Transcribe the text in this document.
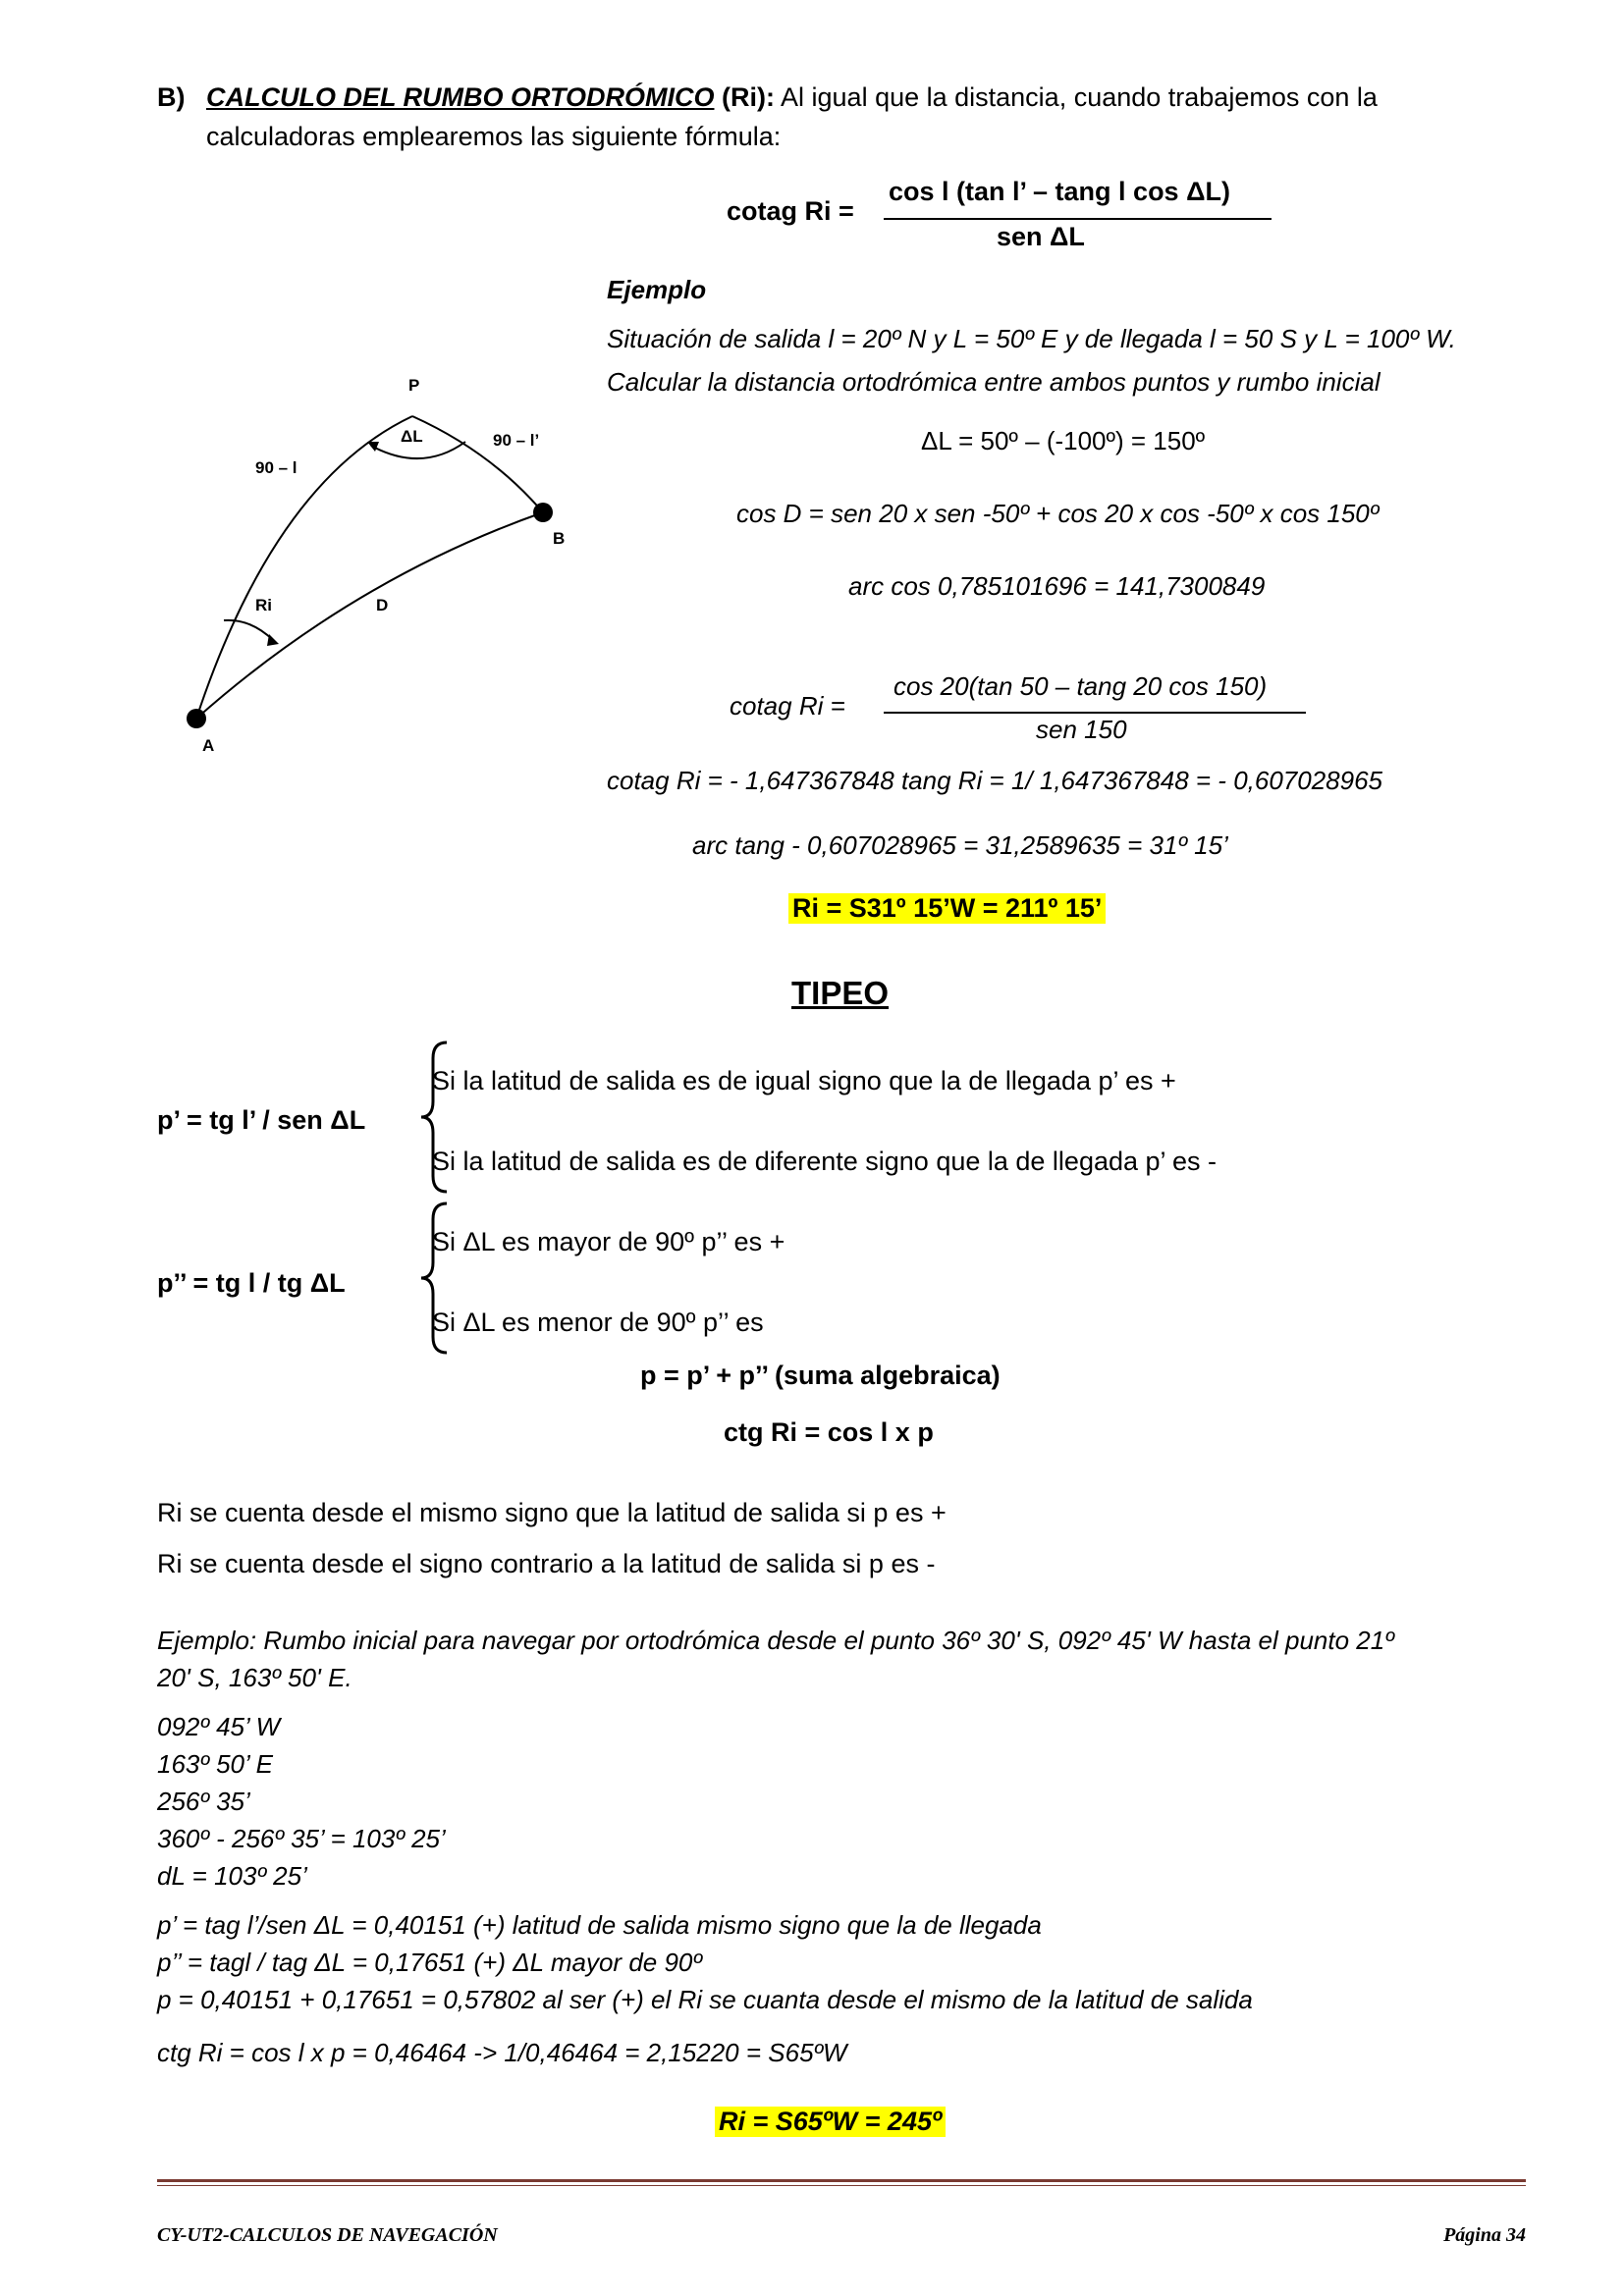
B) CALCULO DEL RUMBO ORTODRÓMICO (Ri): Al igual que la distancia, cuando trabajemos con la
calculadoras emplearemos las siguiente fórmula:
cotag Ri =
cos l (tan l’ – tang l cos ΔL)
sen ΔL
Ejemplo
Situación de salida l = 20º N y L = 50º E y de llegada l = 50 S y L = 100º W.
Calcular la distancia ortodrómica entre ambos puntos y rumbo inicial
ΔL = 50º – (-100º) = 150º
cos D = sen 20 x sen -50º + cos 20 x cos -50º x cos 150º
arc cos 0,785101696 = 141,7300849
cotag Ri =
cos 20(tan 50 – tang 20 cos 150)
sen 150
cotag Ri = - 1,647367848 tang Ri = 1/ 1,647367848 = - 0,607028965
arc tang - 0,607028965 = 31,2589635 = 31º 15’
Ri = S31º 15’W = 211º 15’
P
ΔL
90 – l
90 – l’
B
Ri	D
A
TIPEO
p’ = tg l’ / sen ΔL
Si la latitud de salida es de igual signo que la de llegada p’ es +
Si la latitud de salida es de diferente signo que la de llegada p’ es -
p’’ = tg l / tg ΔL
Si ΔL es mayor de 90º p’’ es +
Si ΔL es menor de 90º p’’ es
p = p’ + p’’ (suma algebraica)
ctg Ri = cos l x p
Ri se cuenta desde el mismo signo que la latitud de salida si p es +
Ri se cuenta desde el signo contrario a la latitud de salida si p es -
Ejemplo: Rumbo inicial para navegar por ortodrómica desde el punto 36º 30' S, 092º 45' W hasta el punto 21º
20' S, 163º 50' E.
092º 45’ W
163º 50’ E
256º 35’
360º - 256º 35’ = 103º 25’
dL = 103º 25’
p’ = tag l’/sen ΔL = 0,40151 (+) latitud de salida mismo signo que la de llegada
p’’ = tagl / tag ΔL = 0,17651 (+) ΔL mayor de 90º
p = 0,40151 + 0,17651 = 0,57802 al ser (+) el Ri se cuanta desde el mismo de la latitud de salida
ctg Ri = cos l x p = 0,46464 -> 1/0,46464 = 2,15220 = S65ºW
Ri = S65ºW = 245º
CY-UT2-CALCULOS DE NAVEGACIÓN	Página 34
